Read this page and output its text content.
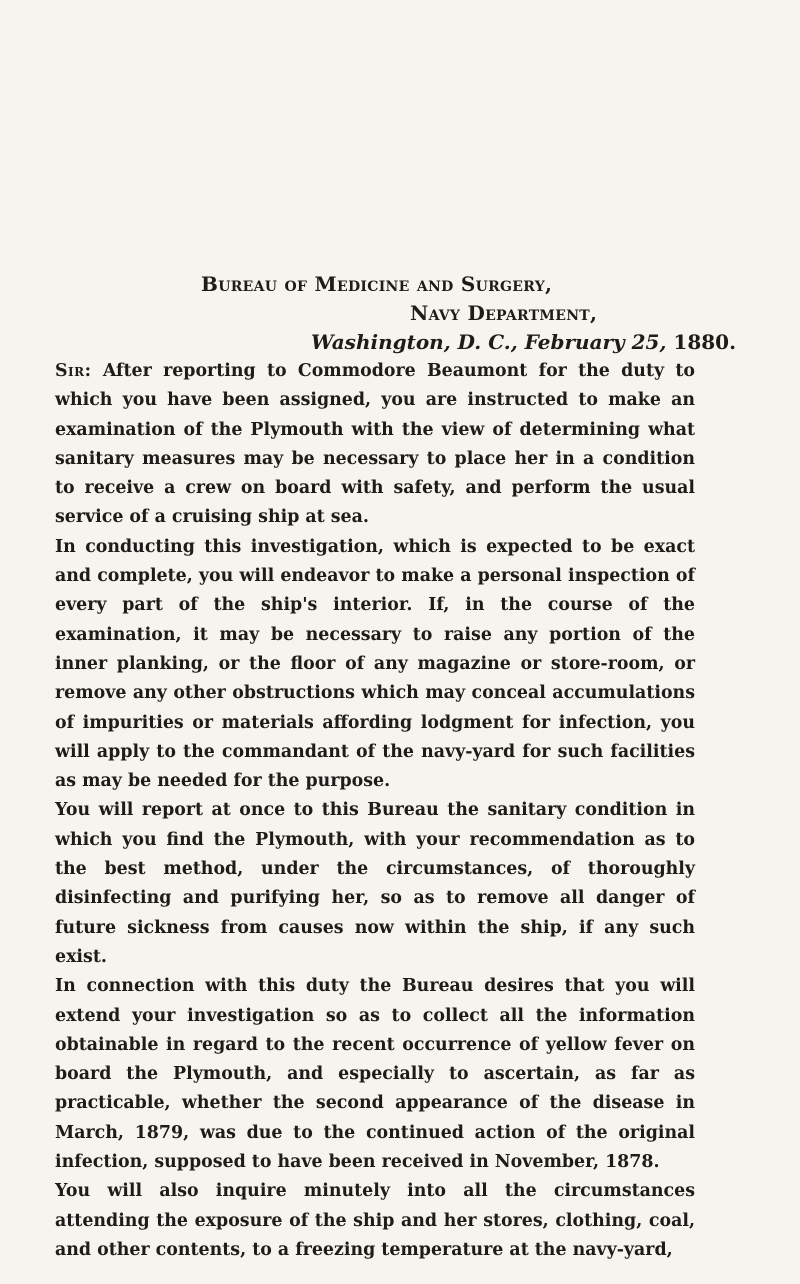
Bureau of Medicine and Surgery,
Navy Department,
Washington, D. C., February 25, 1880.

Sir: After reporting to Commodore Beaumont for the duty to which you have been assigned, you are instructed to make an examination of the Plymouth with the view of determining what sanitary measures may be necessary to place her in a condition to receive a crew on board with safety, and perform the usual service of a cruising ship at sea.

In conducting this investigation, which is expected to be exact and complete, you will endeavor to make a personal inspection of every part of the ship's interior. If, in the course of the examination, it may be necessary to raise any portion of the inner planking, or the floor of any magazine or store-room, or remove any other obstructions which may conceal accumulations of impurities or materials affording lodgment for infection, you will apply to the commandant of the navy-yard for such facilities as may be needed for the purpose.

You will report at once to this Bureau the sanitary condition in which you find the Plymouth, with your recommendation as to the best method, under the circumstances, of thoroughly disinfecting and purifying her, so as to remove all danger of future sickness from causes now within the ship, if any such exist.

In connection with this duty the Bureau desires that you will extend your investigation so as to collect all the information obtainable in regard to the recent occurrence of yellow fever on board the Plymouth, and especially to ascertain, as far as practicable, whether the second appearance of the disease in March, 1879, was due to the continued action of the original infection, supposed to have been received in November, 1878.

You will also inquire minutely into all the circumstances attending the exposure of the ship and her stores, clothing, coal, and other contents, to a freezing temperature at the navy-yard,
